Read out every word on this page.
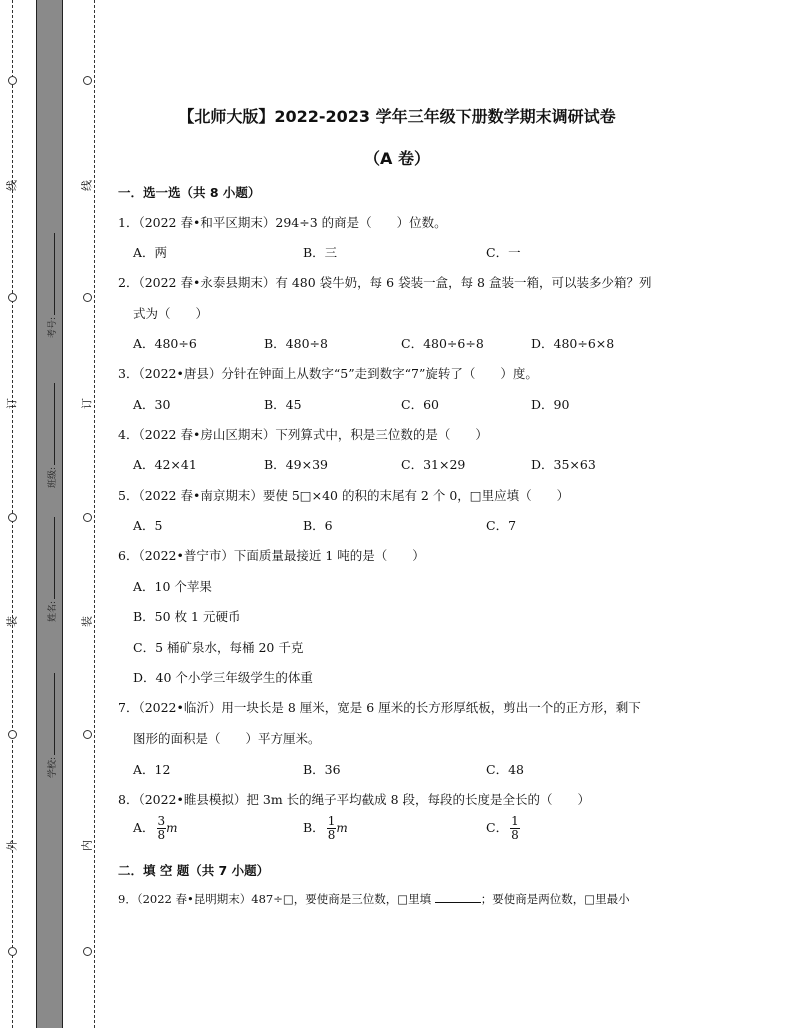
线
订
装
外
线
订
装
内
考号:
班级:
姓名:
学校:
【北师大版】2022-2023 学年三年级下册数学期末调研试卷
（A 卷）
一．选一选（共 8 小题）
1．（2022 春•和平区期末）294÷3 的商是（　　）位数。
A．两	B．三	C．一
2．（2022 春•永泰县期末）有 480 袋牛奶，每 6 袋装一盒，每 8 盒装一箱，可以装多少箱？列
式为（　　）
A．480÷6	B．480÷8	C．480÷6÷8	D．480÷6×8
3．（2022•唐县）分针在钟面上从数字“5”走到数字“7”旋转了（　　）度。
A．30	B．45	C．60	D．90
4．（2022 春•房山区期末）下列算式中，积是三位数的是（　　）
A．42×41	B．49×39	C．31×29	D．35×63
5．（2022 春•南京期末）要使 5□×40 的积的末尾有 2 个 0，□里应填（　　）
A．5	B．6	C．7
6．（2022•普宁市）下面质量最接近 1 吨的是（　　）
A．10 个苹果
B．50 枚 1 元硬币
C．5 桶矿泉水，每桶 20 千克
D．40 个小学三年级学生的体重
7．（2022•临沂）用一块长是 8 厘米，宽是 6 厘米的长方形厚纸板，剪出一个的正方形，剩下
图形的面积是（　　）平方厘米。
A．12	B．36	C．48
8．（2022•睢县模拟）把 3m 长的绳子平均截成 8 段，每段的长度是全长的（　　）
A． $\frac{3}{8}$ m	B． $\frac{1}{8}$ m	C． $\frac{1}{8}$
二．填 空 题（共 7 小题）
9．（2022 春•昆明期末）487÷□，要使商是三位数，□里填	；要使商是两位数，□里最小
